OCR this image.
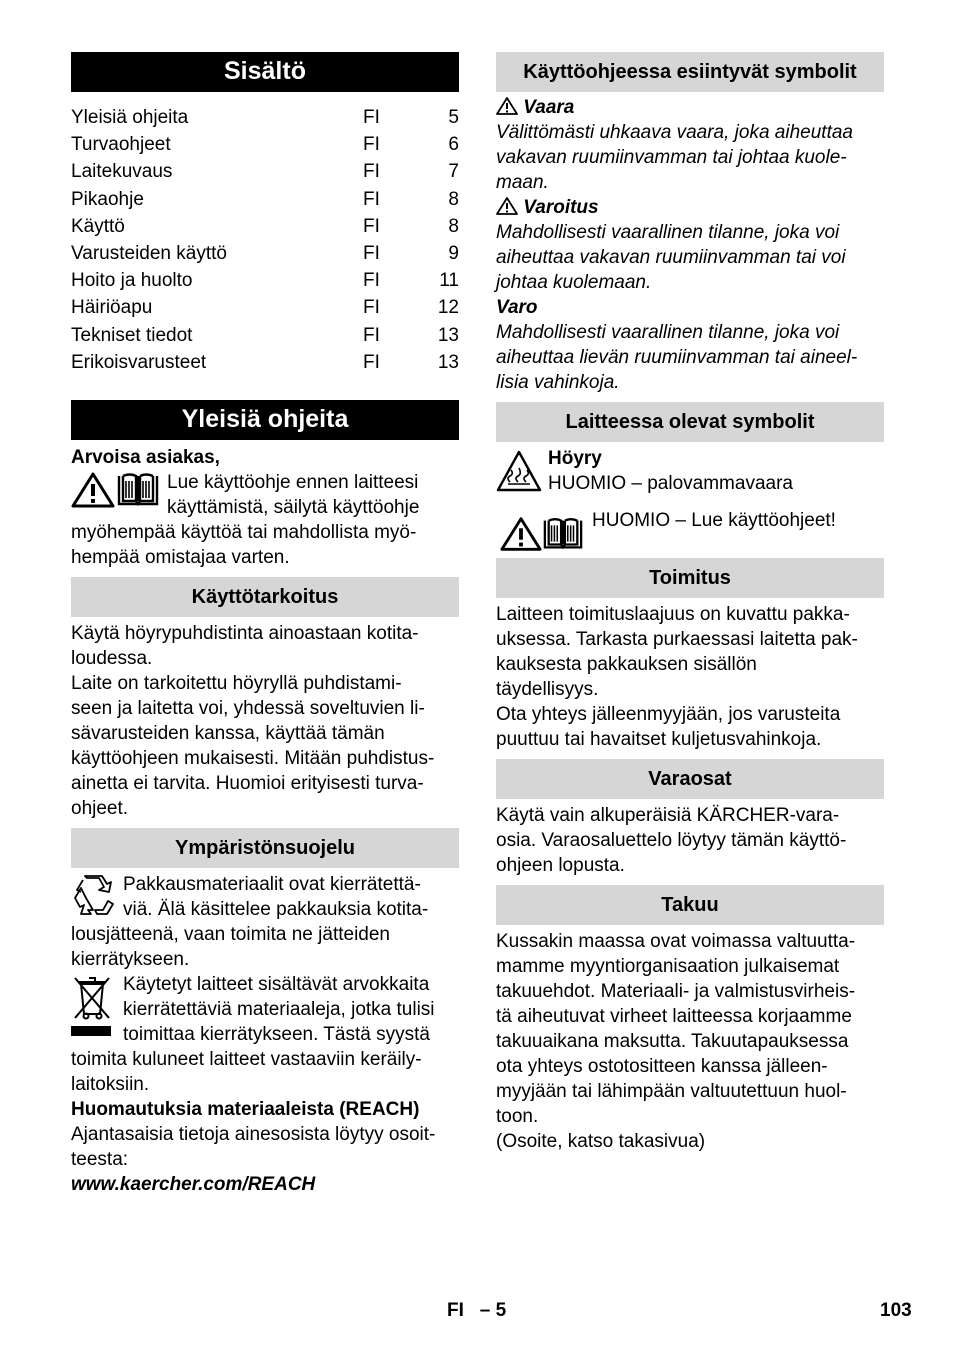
Sisältö
Yleisiä ohjeita	FI	5
Turvaohjeet	FI	6
Laitekuvaus	FI	7
Pikaohje	FI	8
Käyttö	FI	8
Varusteiden käyttö	FI	9
Hoito ja huolto	FI	11
Häiriöapu	FI	12
Tekniset tiedot	FI	13
Erikoisvarusteet	FI	13
Yleisiä ohjeita

Arvoisa asiakas,

Lue käyttöohje ennen laitteesi

käyttämistä, säilytä käyttöohje

myöhempää käyttöä tai mahdollista myö-

hempää omistajaa varten.

Käyttötarkoitus

Käytä höyrypuhdistinta ainoastaan kotita-

loudessa.

Laite on tarkoitettu höyryllä puhdistami-

seen ja laitetta voi, yhdessä soveltuvien li-

sävarusteiden kanssa, käyttää tämän

käyttöohjeen mukaisesti. Mitään puhdistus-

ainetta ei tarvita. Huomioi erityisesti turva-

ohjeet.

Ympäristönsuojelu

Pakkausmateriaalit ovat kierrätettä-

viä. Älä käsittelee pakkauksia kotita-

lousjätteenä, vaan toimita ne jätteiden

kierrätykseen.

Käytetyt laitteet sisältävät arvokkaita

kierrätettäviä materiaaleja, jotka tulisi

toimittaa kierrätykseen. Tästä syystä

toimita kuluneet laitteet vastaaviin keräily-

laitoksiin.

Huomautuksia materiaaleista (REACH)

Ajantasaisia tietoja ainesosista löytyy osoit-

teesta:

www.kaercher.com/REACH

Käyttöohjeessa esiintyvät symbolit

Vaara

Välittömästi uhkaava vaara, joka aiheuttaa

vakavan ruumiinvamman tai johtaa kuole-

maan.

Varoitus

Mahdollisesti vaarallinen tilanne, joka voi

aiheuttaa vakavan ruumiinvamman tai voi

johtaa kuolemaan.

Varo

Mahdollisesti vaarallinen tilanne, joka voi

aiheuttaa lievän ruumiinvamman tai aineel-

lisia vahinkoja.

Laitteessa olevat symbolit

Höyry

HUOMIO – palovammavaara

HUOMIO – Lue käyttöohjeet!

Toimitus

Laitteen toimituslaajuus on kuvattu pakka-

uksessa. Tarkasta purkaessasi laitetta pak-

kauksesta pakkauksen sisällön

täydellisyys.

Ota yhteys jälleenmyyjään, jos varusteita

puuttuu tai havaitset kuljetusvahinkoja.

Varaosat

Käytä vain alkuperäisiä KÄRCHER-vara-

osia. Varaosaluettelo löytyy tämän käyttö-

ohjeen lopusta.

Takuu

Kussakin maassa ovat voimassa valtuutta-

mamme myyntiorganisaation julkaisemat

takuuehdot. Materiaali- ja valmistusvirheis-

tä aiheutuvat virheet laitteessa korjaamme

takuuaikana maksutta. Takuutapauksessa

ota yhteys ostotositteen kanssa jälleen-

myyjään tai lähimpään valtuutettuun huol-

toon.

(Osoite, katso takasivua)

FI   – 5	103
